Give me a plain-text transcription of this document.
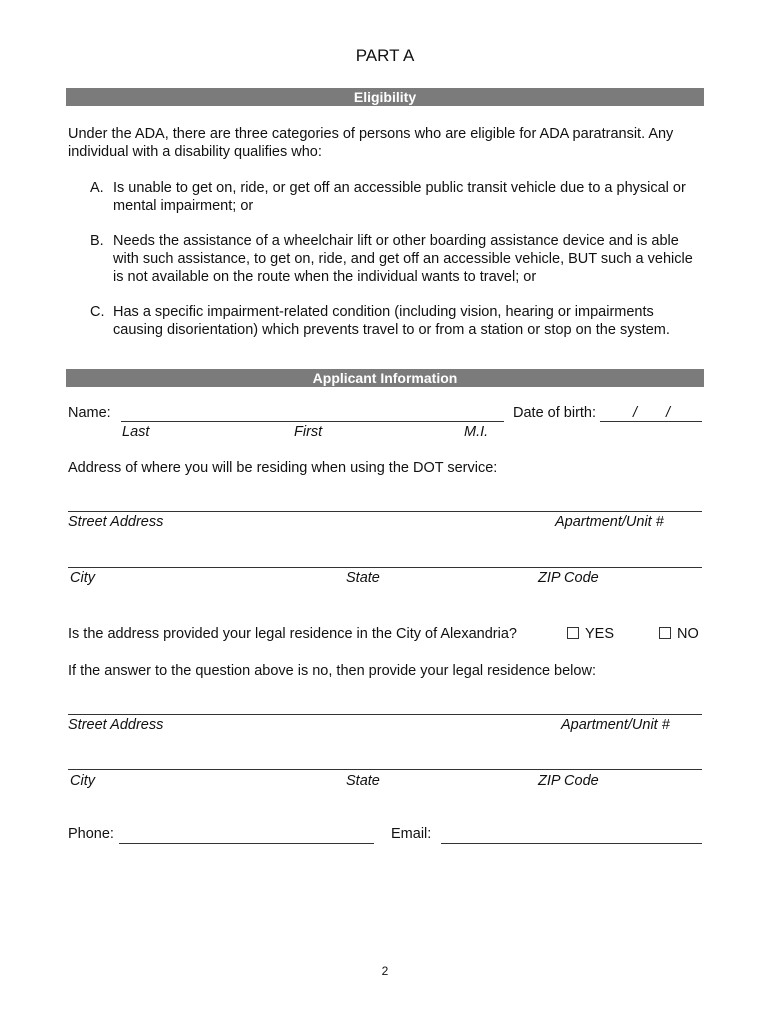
PART A
Eligibility
Under the ADA, there are three categories of persons who are eligible for ADA paratransit. Any individual with a disability qualifies who:
A. Is unable to get on, ride, or get off an accessible public transit vehicle due to a physical or mental impairment; or
B. Needs the assistance of a wheelchair lift or other boarding assistance device and is able with such assistance, to get on, ride, and get off an accessible vehicle, BUT such a vehicle is not available on the route when the individual wants to travel; or
C. Has a specific impairment-related condition (including vision, hearing or impairments causing disorientation) which prevents travel to or from a station or stop on the system.
Applicant Information
Name:
Last	First	M.I.
Date of birth:	/ /
Address of where you will be residing when using the DOT service:
Street Address	Apartment/Unit #
City	State	ZIP Code
Is the address provided your legal residence in the City of Alexandria?	YES	NO
If the answer to the question above is no, then provide your legal residence below:
Street Address	Apartment/Unit #
City	State	ZIP Code
Phone:	Email:
2
